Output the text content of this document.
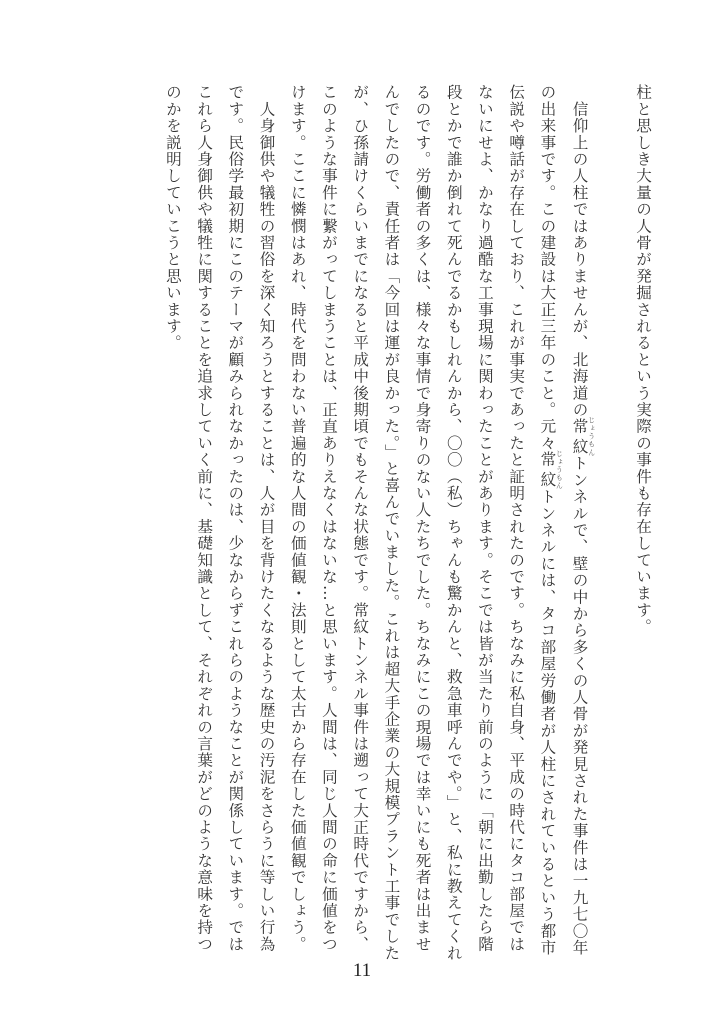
柱と思しき大量の人骨が発掘されるという実際の事件も存在しています。
　信仰上の人柱ではありませんが、北海道の常紋 じょうもんトンネルで、壁の中から多くの人骨が発見された事件は一九七〇年
の出来事です。この建設は大正三年のこと。元々常紋 じょうもんトンネルには、タコ部屋労働者が人柱にされているという都市
伝説や噂話が存在しており、これが事実であったと証明されたのです。ちなみに私自身、平成の時代にタコ部屋では
ないにせよ、かなり過酷な工事現場に関わったことがあります。そこでは皆が当たり前のように「朝に出勤したら階
段とかで誰か倒れて死んでるかもしれんから、〇〇（私）ちゃんも驚かんと、救急車呼んでや。」と、私に教えてくれ
るのです。労働者の多くは、様々な事情で身寄りのない人たちでした。ちなみにこの現場では幸いにも死者は出ませ
んでしたので、責任者は「今回は運が良かった。」と喜んでいました。これは超大手企業の大規模プラント工事でした
が、ひ孫請けくらいまでになると平成中後期頃でもそんな状態です。常紋トンネル事件は遡って大正時代ですから、
このような事件に繋がってしまうことは、正直ありえなくはないな…と思います。人間は、同じ人間の命に価値をつ
けます。ここに憐憫はあれ、時代を問わない普遍的な人間の価値観・法則として太古から存在した価値観でしょう。
　人身御供や犠牲の習俗を深く知ろうとすることは、人が目を背けたくなるような歴史の汚泥をさらうに等しい行為
です。民俗学最初期にこのテーマが顧みられなかったのは、少なからずこれらのようなことが関係しています。では
これら人身御供や犠牲に関することを追求していく前に、基礎知識として、それぞれの言葉がどのような意味を持つ
のかを説明していこうと思います。
11
